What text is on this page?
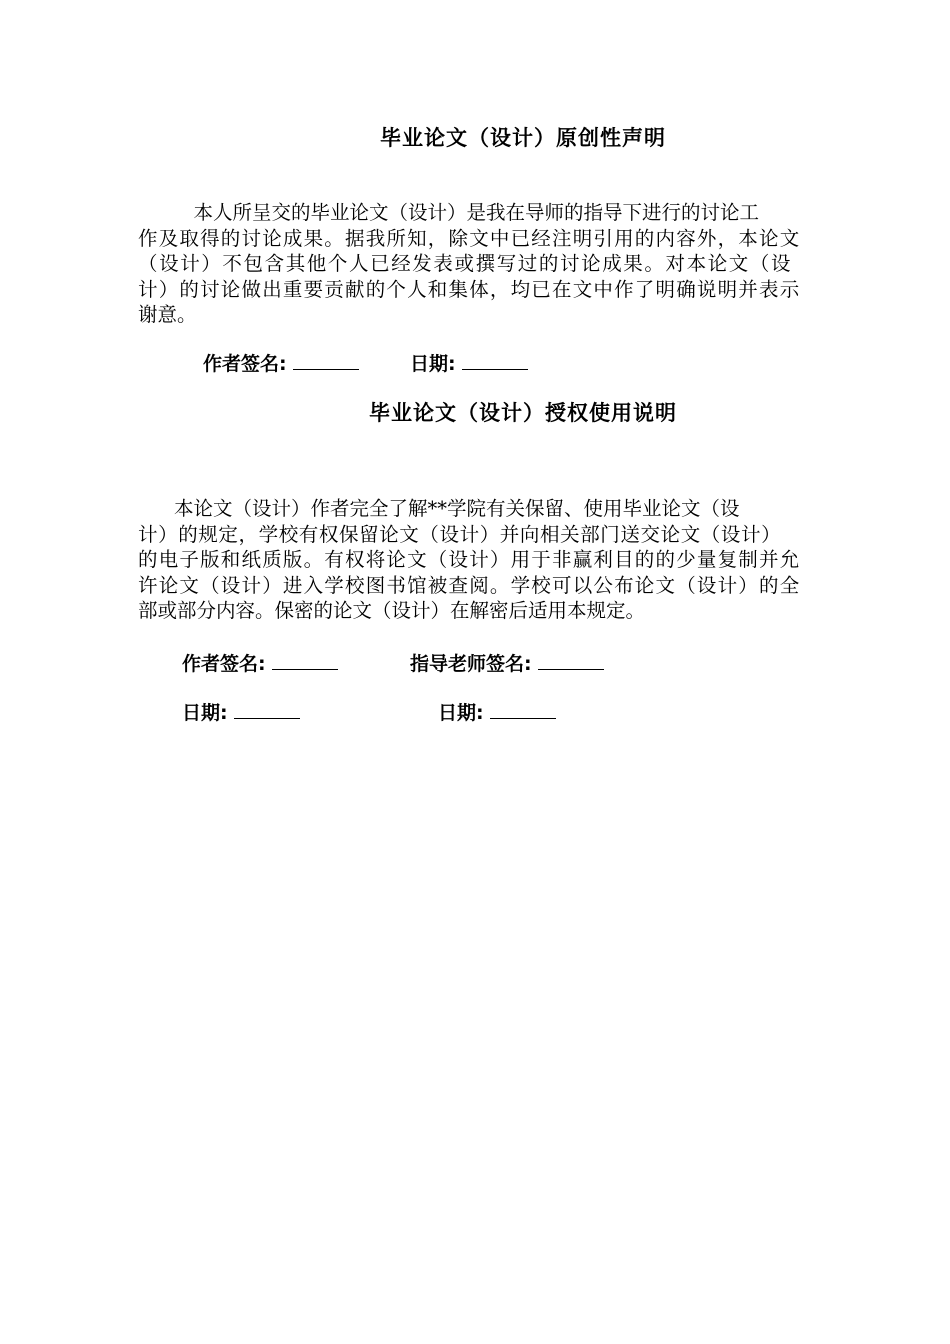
毕业论文（设计）原创性声明
　本人所呈交的毕业论文（设计）是我在导师的指导下进行的讨论工
作及取得的讨论成果。据我所知，除文中已经注明引用的内容外，本论文
（设计）不包含其他个人已经发表或撰写过的讨论成果。对本论文（设
计）的讨论做出重要贡献的个人和集体，均已在文中作了明确说明并表示
谢意。
作者签名:	日期:
毕业论文（设计）授权使用说明
本论文（设计）作者完全了解**学院有关保留、使用毕业论文（设
计）的规定，学校有权保留论文（设计）并向相关部门送交论文（设计）
的电子版和纸质版。有权将论文（设计）用于非赢利目的的少量复制并允
许论文（设计）进入学校图书馆被查阅。学校可以公布论文（设计）的全
部或部分内容。保密的论文（设计）在解密后适用本规定。
作者签名:	指导老师签名:
日期:	日期:
